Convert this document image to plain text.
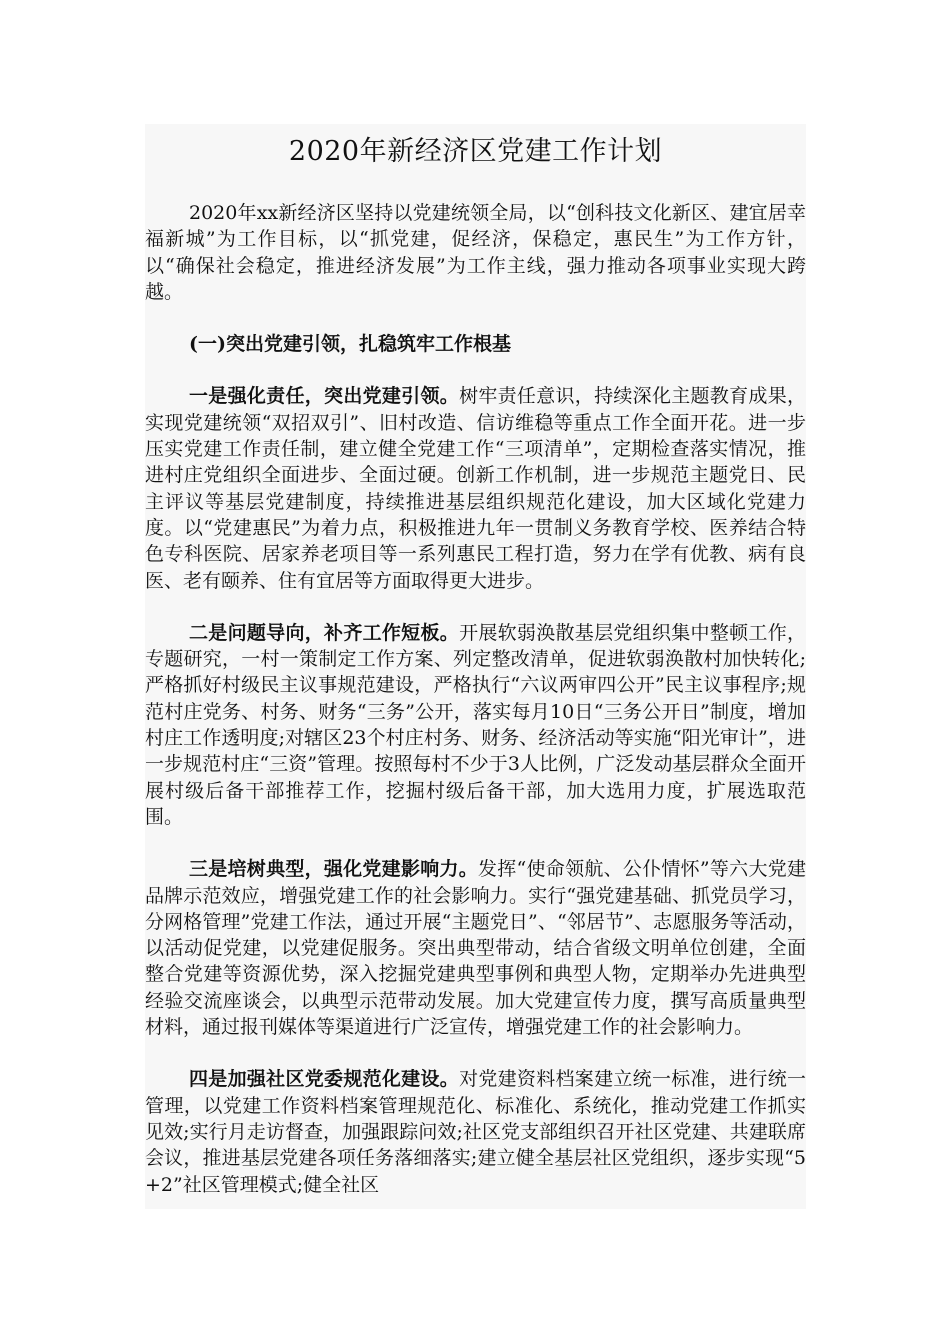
2020年新经济区党建工作计划

2020年xx新经济区坚持以党建统领全局，以“创科技文化新区、建宜居幸福新城”为工作目标，以“抓党建，促经济，保稳定，惠民生”为工作方针，以“确保社会稳定，推进经济发展”为工作主线，强力推动各项事业实现大跨越。

(一)突出党建引领，扎稳筑牢工作根基

一是强化责任，突出党建引领。树牢责任意识，持续深化主题教育成果，实现党建统领“双招双引”、旧村改造、信访维稳等重点工作全面开花。进一步压实党建工作责任制，建立健全党建工作“三项清单”，定期检查落实情况，推进村庄党组织全面进步、全面过硬。创新工作机制，进一步规范主题党日、民主评议等基层党建制度，持续推进基层组织规范化建设，加大区域化党建力度。以“党建惠民”为着力点，积极推进九年一贯制义务教育学校、医养结合特色专科医院、居家养老项目等一系列惠民工程打造，努力在学有优教、病有良医、老有颐养、住有宜居等方面取得更大进步。

二是问题导向，补齐工作短板。开展软弱涣散基层党组织集中整顿工作，专题研究，一村一策制定工作方案、列定整改清单，促进软弱涣散村加快转化;严格抓好村级民主议事规范建设，严格执行“六议两审四公开”民主议事程序;规范村庄党务、村务、财务“三务”公开，落实每月10日“三务公开日”制度，增加村庄工作透明度;对辖区23个村庄村务、财务、经济活动等实施“阳光审计”，进一步规范村庄“三资”管理。按照每村不少于3人比例，广泛发动基层群众全面开展村级后备干部推荐工作，挖掘村级后备干部，加大选用力度，扩展选取范围。

三是培树典型，强化党建影响力。发挥“使命领航、公仆情怀”等六大党建品牌示范效应，增强党建工作的社会影响力。实行“强党建基础、抓党员学习，分网格管理”党建工作法，通过开展“主题党日”、“邻居节”、志愿服务等活动，以活动促党建，以党建促服务。突出典型带动，结合省级文明单位创建，全面整合党建等资源优势，深入挖掘党建典型事例和典型人物，定期举办先进典型经验交流座谈会，以典型示范带动发展。加大党建宣传力度，撰写高质量典型材料，通过报刊媒体等渠道进行广泛宣传，增强党建工作的社会影响力。

四是加强社区党委规范化建设。对党建资料档案建立统一标准，进行统一管理，以党建工作资料档案管理规范化、标准化、系统化，推动党建工作抓实见效;实行月走访督查，加强跟踪问效;社区党支部组织召开社区党建、共建联席会议，推进基层党建各项任务落细落实;建立健全基层社区党组织，逐步实现“5+2”社区管理模式;健全社区
